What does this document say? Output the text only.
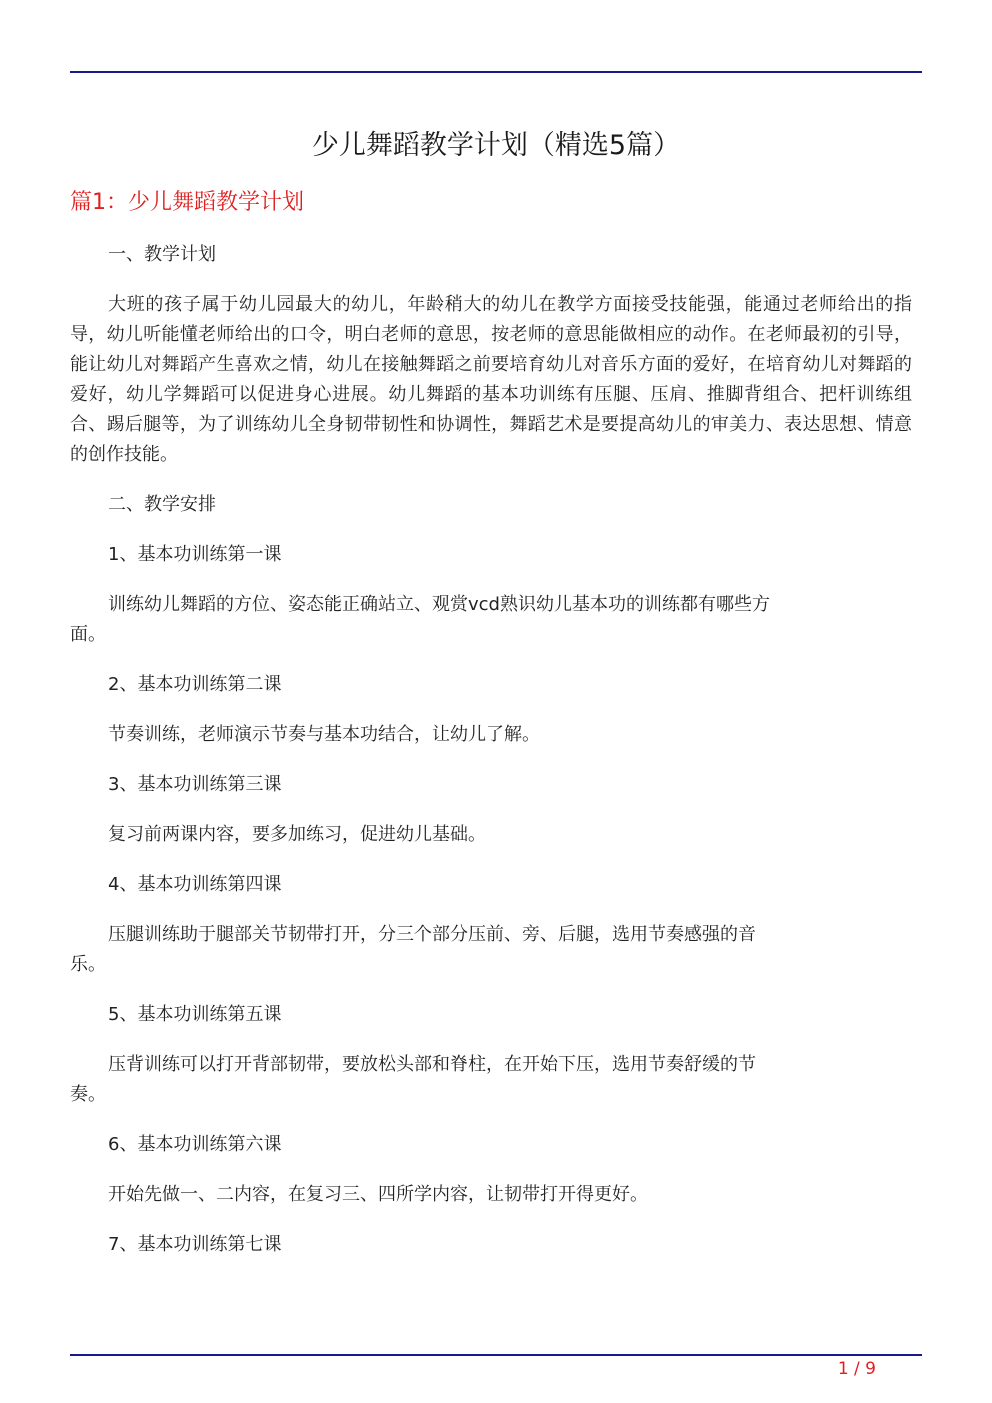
少儿舞蹈教学计划（精选5篇）
篇1：少儿舞蹈教学计划

一、教学计划

大班的孩子属于幼儿园最大的幼儿，年龄稍大的幼儿在教学方面接受技能强，能通过老师给出的指导，幼儿听能懂老师给出的口令，明白老师的意思，按老师的意思能做相应的动作。在老师最初的引导，能让幼儿对舞蹈产生喜欢之情，幼儿在接触舞蹈之前要培育幼儿对音乐方面的爱好，在培育幼儿对舞蹈的爱好，幼儿学舞蹈可以促进身心进展。幼儿舞蹈的基本功训练有压腿、压肩、推脚背组合、把杆训练组合、踢后腿等，为了训练幼儿全身韧带韧性和协调性，舞蹈艺术是要提高幼儿的审美力、表达思想、情意的创作技能。

二、教学安排

1、基本功训练第一课

训练幼儿舞蹈的方位、姿态能正确站立、观赏vcd熟识幼儿基本功的训练都有哪些方面。

2、基本功训练第二课

节奏训练，老师演示节奏与基本功结合，让幼儿了解。

3、基本功训练第三课

复习前两课内容，要多加练习，促进幼儿基础。

4、基本功训练第四课

压腿训练助于腿部关节韧带打开，分三个部分压前、旁、后腿，选用节奏感强的音乐。

5、基本功训练第五课

压背训练可以打开背部韧带，要放松头部和脊柱，在开始下压，选用节奏舒缓的节奏。

6、基本功训练第六课

开始先做一、二内容，在复习三、四所学内容，让韧带打开得更好。

7、基本功训练第七课

1 / 9
